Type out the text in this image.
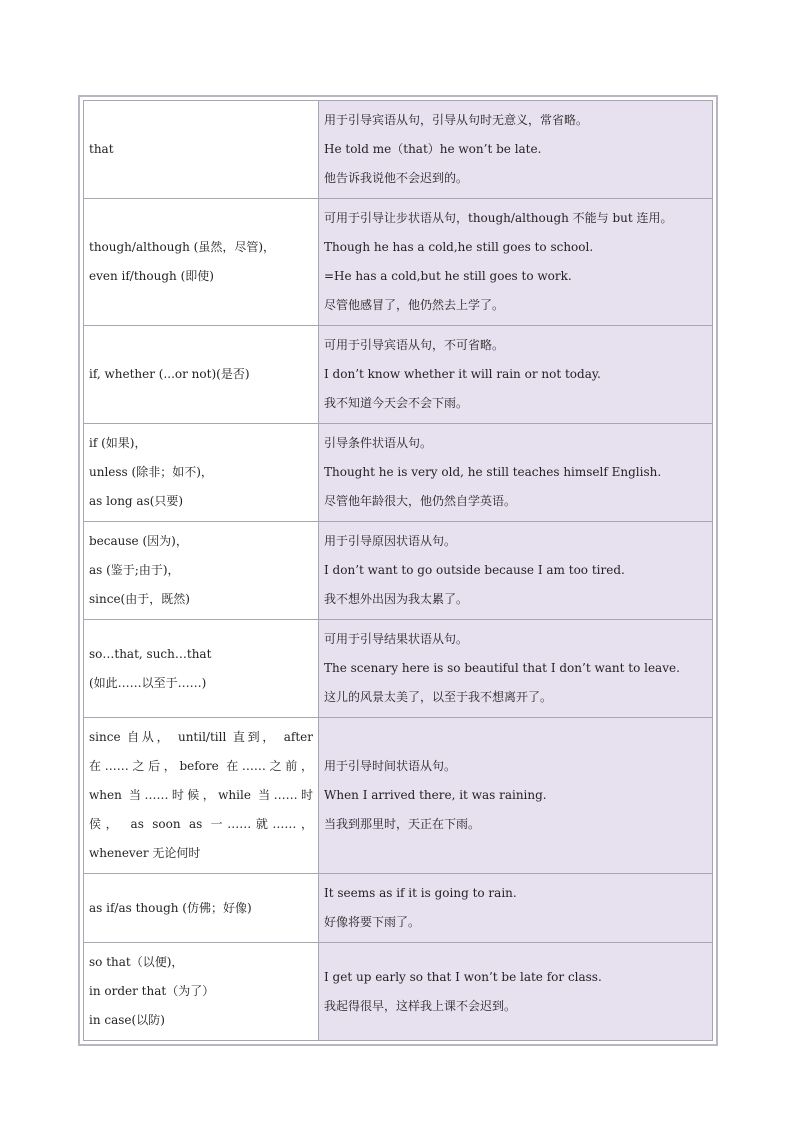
that	用于引导宾语从句，引导从句时无意义，常省略。
He told me（that）he won’t be late.
他告诉我说他不会迟到的。

though/although (虽然，尽管)，
even if/though (即使)	可用于引导让步状语从句，though/although 不能与 but 连用。
Though he has a cold,he still goes to school.
=He has a cold,but he still goes to work.
尽管他感冒了，他仍然去上学了。

if, whether (...or not)(是否)	可用于引导宾语从句，不可省略。
I don’t know whether it will rain or not today.
我不知道今天会不会下雨。

if (如果)，
unless (除非；如不)，
as long as(只要)	引导条件状语从句。
Thought he is very old, he still teaches himself English.
尽管他年龄很大，他仍然自学英语。

because (因为)，
as (鉴于;由于)，
since(由于，既然)	用于引导原因状语从句。
I don’t want to go outside because I am too tired.
我不想外出因为我太累了。

so…that, such…that
(如此……以至于……)	可用于引导结果状语从句。
The scenary here is so beautiful that I don’t want to leave.
这儿的风景太美了，以至于我不想离开了。

since 自从， until/till 直到， after
在……之后，before 在……之前，
when 当……时候，while 当……时
侯， as soon as 一……就……，
whenever 无论何时	用于引导时间状语从句。
When I arrived there, it was raining.
当我到那里时，天正在下雨。

as if/as though (仿佛；好像)	It seems as if it is going to rain.
好像将要下雨了。

so that（以便)，
in order that（为了）
in case(以防)	I get up early so that I won’t be late for class.
我起得很早，这样我上课不会迟到。
